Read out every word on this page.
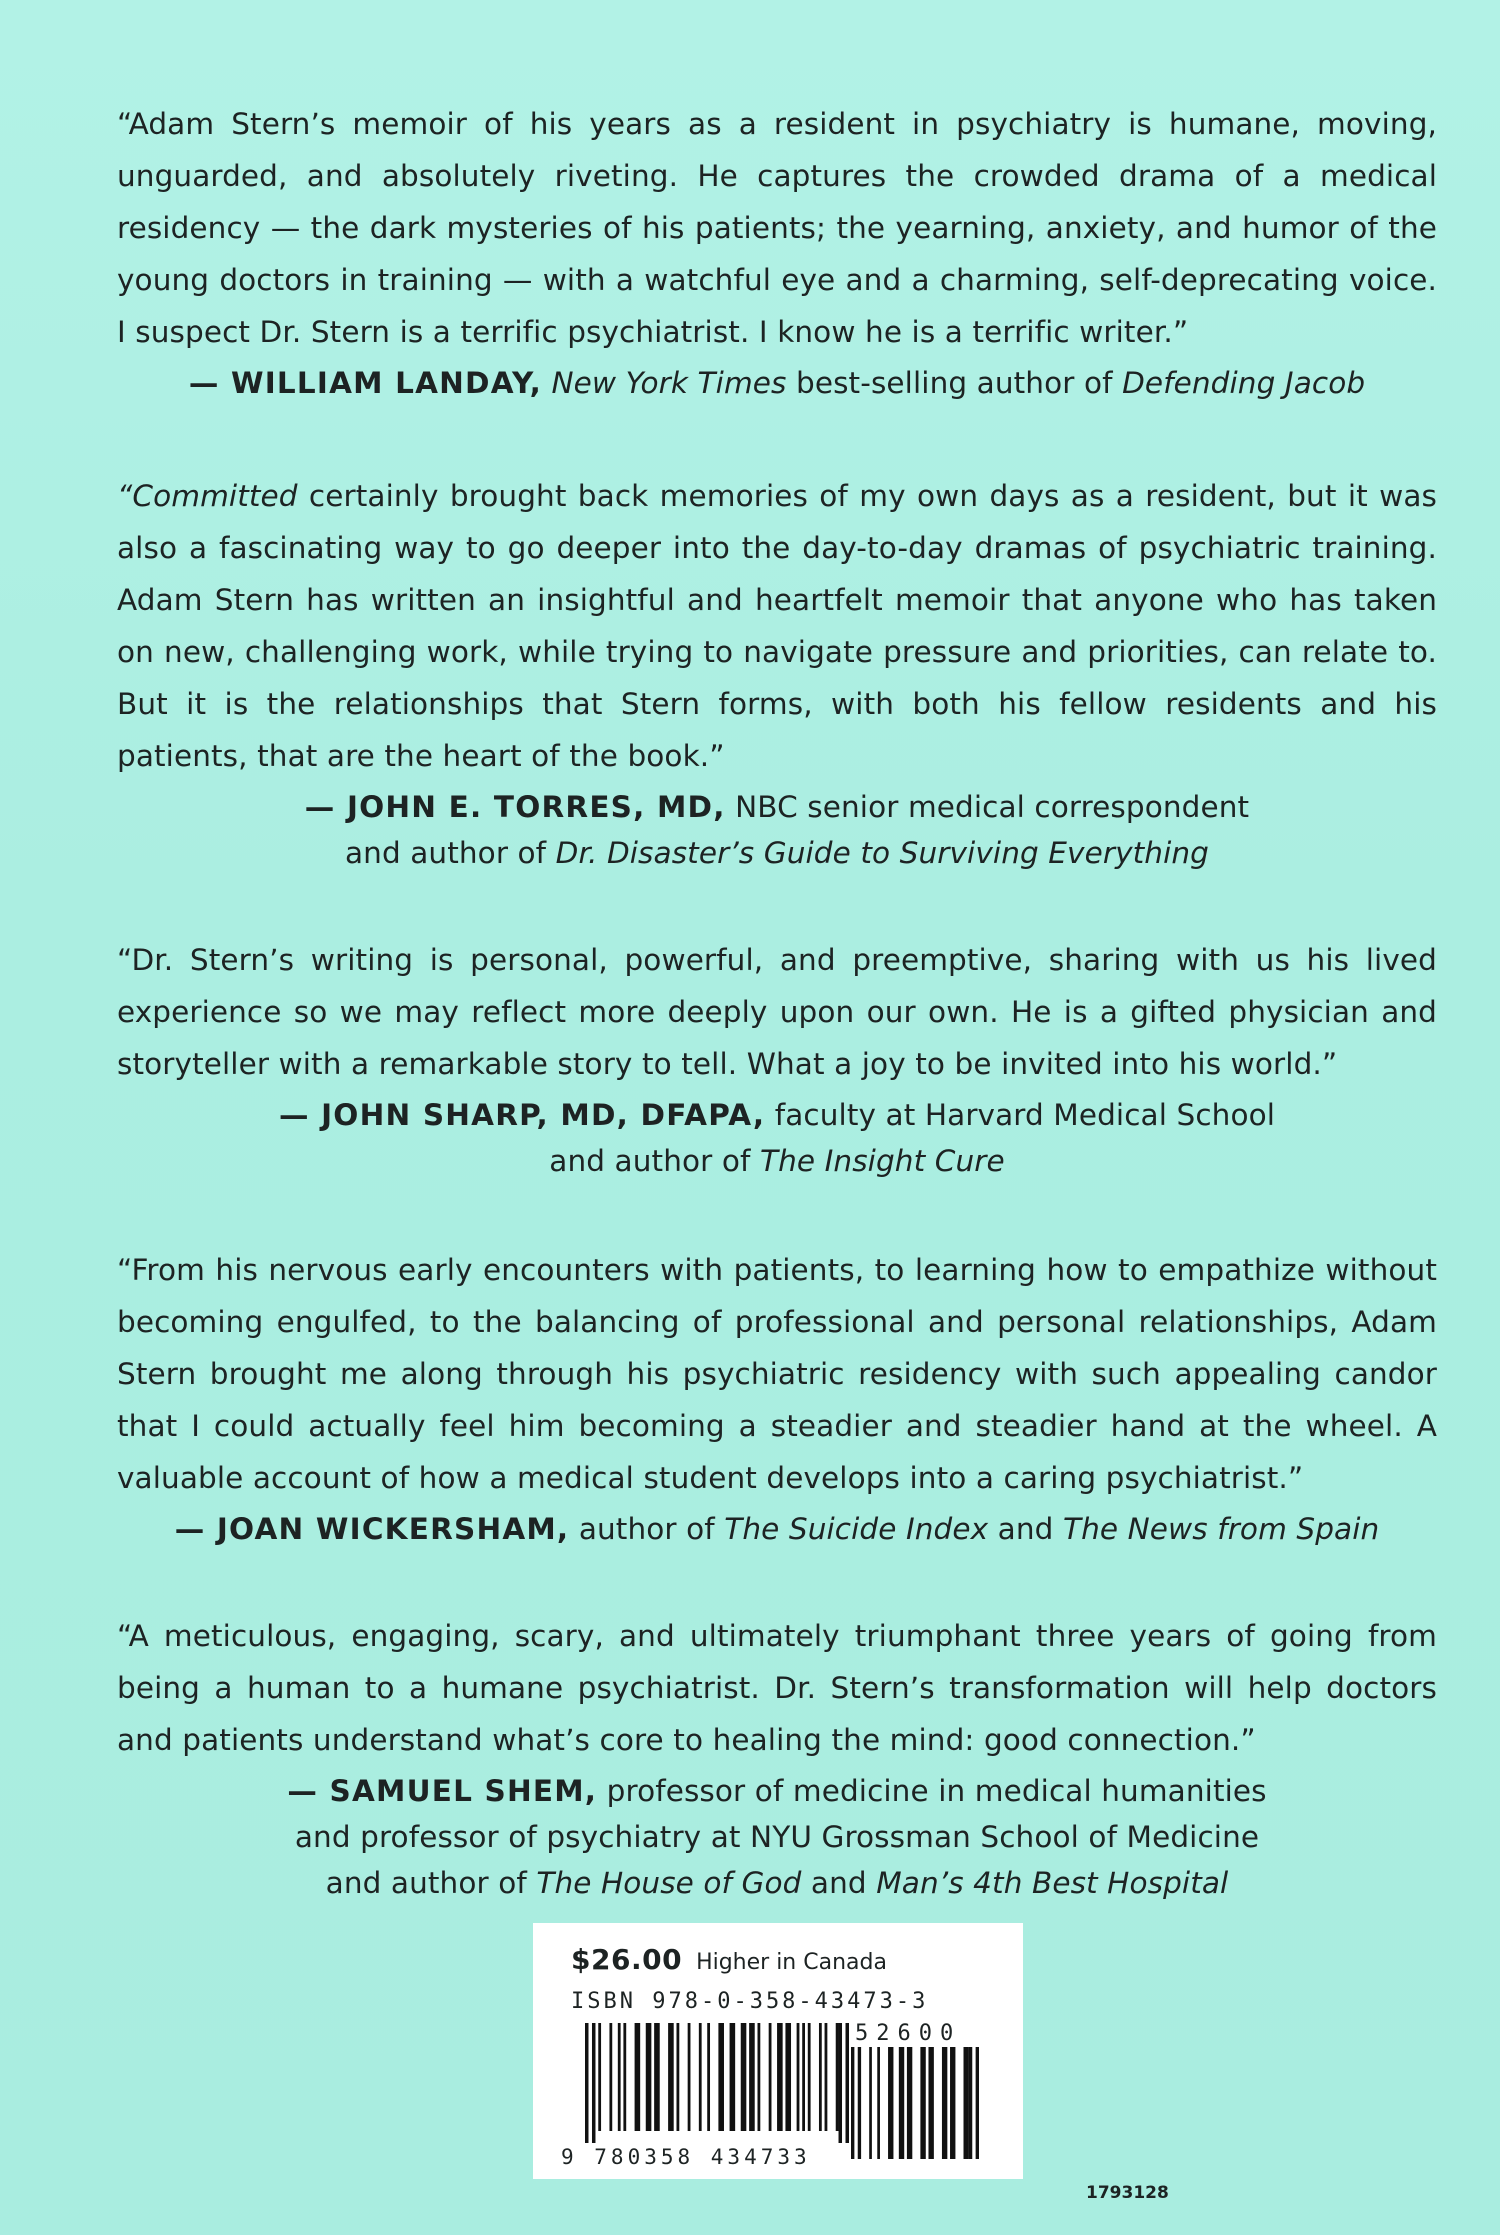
“Adam Stern’s memoir of his years as a resident in psychiatry is humane, moving, unguarded, and absolutely riveting. He captures the crowded drama of a medical residency — the dark mysteries of his patients; the yearning, anxiety, and humor of the young doctors in training — with a watchful eye and a charming, self-deprecating voice. I suspect Dr. Stern is a terrific psychiatrist. I know he is a terrific writer.”

— WILLIAM LANDAY, New York Times best-selling author of Defending Jacob

“Committed certainly brought back memories of my own days as a resident, but it was also a fascinating way to go deeper into the day-to-day dramas of psychiatric training. Adam Stern has written an insightful and heartfelt memoir that anyone who has taken on new, challenging work, while trying to navigate pressure and priorities, can relate to. But it is the relationships that Stern forms, with both his fellow residents and his patients, that are the heart of the book.”

— JOHN E. TORRES, MD, NBC senior medical correspondent
and author of Dr. Disaster’s Guide to Surviving Everything

“Dr. Stern’s writing is personal, powerful, and preemptive, sharing with us his lived experience so we may reflect more deeply upon our own. He is a gifted physician and storyteller with a remarkable story to tell. What a joy to be invited into his world.”

— JOHN SHARP, MD, DFAPA, faculty at Harvard Medical School
and author of The Insight Cure

“From his nervous early encounters with patients, to learning how to empathize without becoming engulfed, to the balancing of professional and personal relationships, Adam Stern brought me along through his psychiatric residency with such appealing candor that I could actually feel him becoming a steadier and steadier hand at the wheel. A valuable account of how a medical student develops into a caring psychiatrist.”

— JOAN WICKERSHAM, author of The Suicide Index and The News from Spain

“A meticulous, engaging, scary, and ultimately triumphant three years of going from being a human to a humane psychiatrist. Dr. Stern’s transformation will help doctors and patients understand what’s core to healing the mind: good connection.”

— SAMUEL SHEM, professor of medicine in medical humanities
and professor of psychiatry at NYU Grossman School of Medicine
and author of The House of God and Man’s 4th Best Hospital
$26.00 Higher in Canada
ISBN 978-0-358-43473-3
52600
9 780358 434733
1793128
